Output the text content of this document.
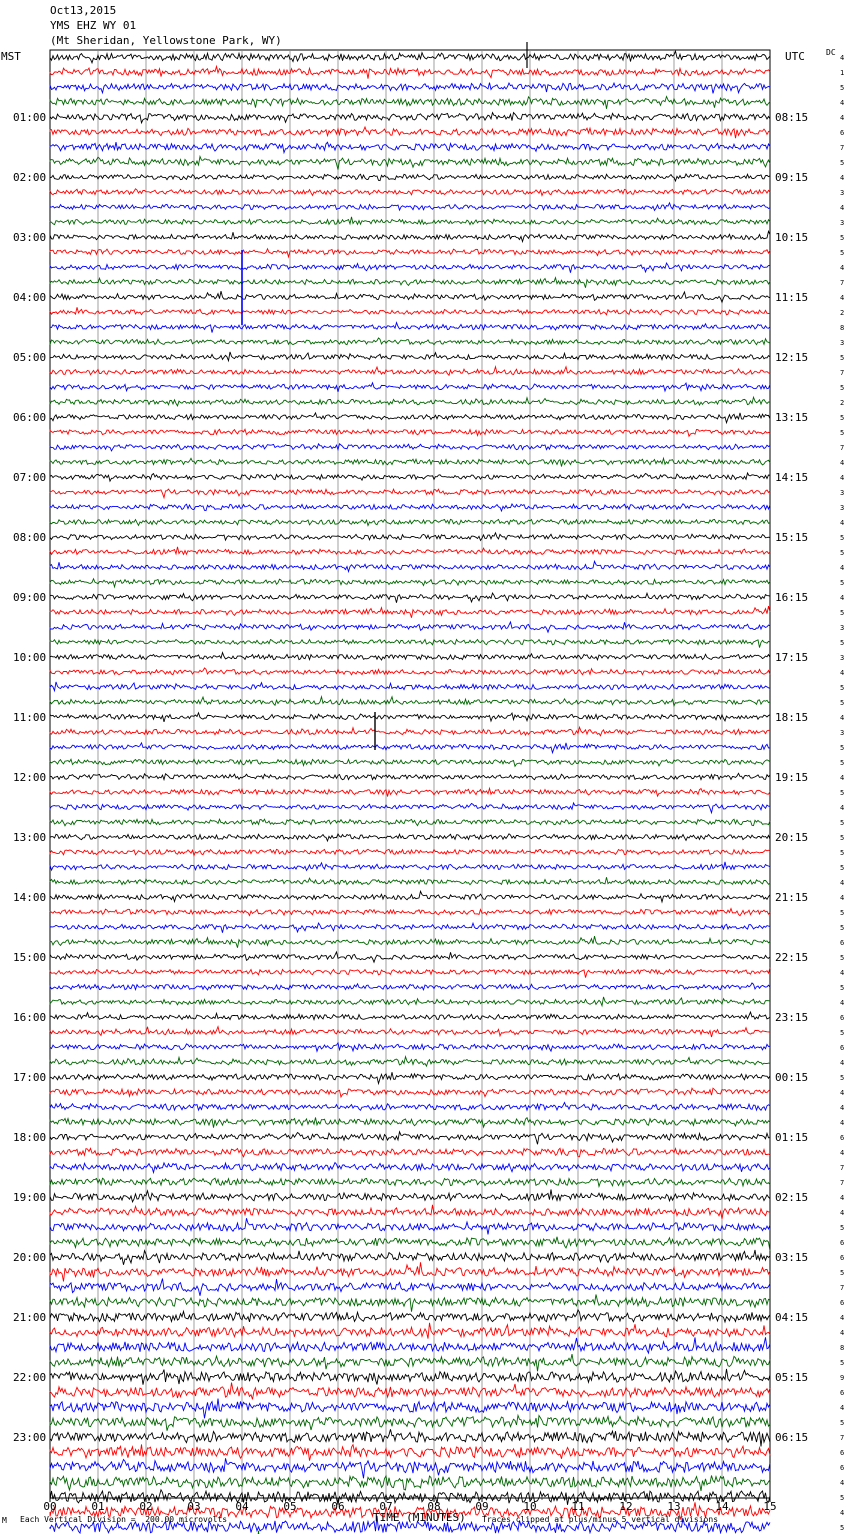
Oct13,2015
YMS EHZ WY 01
(Mt Sheridan, Yellowstone Park, WY)
MST	UTC	DC
01:00	08:15
02:00	09:15
03:00	10:15
04:00	11:15
05:00	12:15
06:00	13:15
07:00	14:15
08:00	15:15
09:00	16:15
10:00	17:15
11:00	18:15
12:00	19:15
13:00	20:15
14:00	21:15
15:00	22:15
16:00	23:15
17:00	00:15
18:00	01:15
19:00	02:15
20:00	03:15
21:00	04:15
22:00	05:15
23:00	06:15
4
1
5
4
4
6
7
5
4
3
4
3
5
5
4
7
4
2
8
3
5
7
5
2
5
5
7
4
4
3
3
4
5
5
4
5
4
5
3
5
3
4
5
5
4
3
5
5
4
5
4
5
5
5
5
4
4
5
5
6
5
4
5
4
6
5
6
4
5
4
4
4
6
4
7
7
4
4
5
6
6
5
7
6
4
4
8
5
9
6
4
5
7
6
6
4
5
4
5
00	01	02	03	04	05	06	07	08	09	10	11	12	13	14	15
M Each Vertical Division =  200.00 microvolts	TIME (MINUTES) Traces clipped at plus/minus 5 vertical divisions
